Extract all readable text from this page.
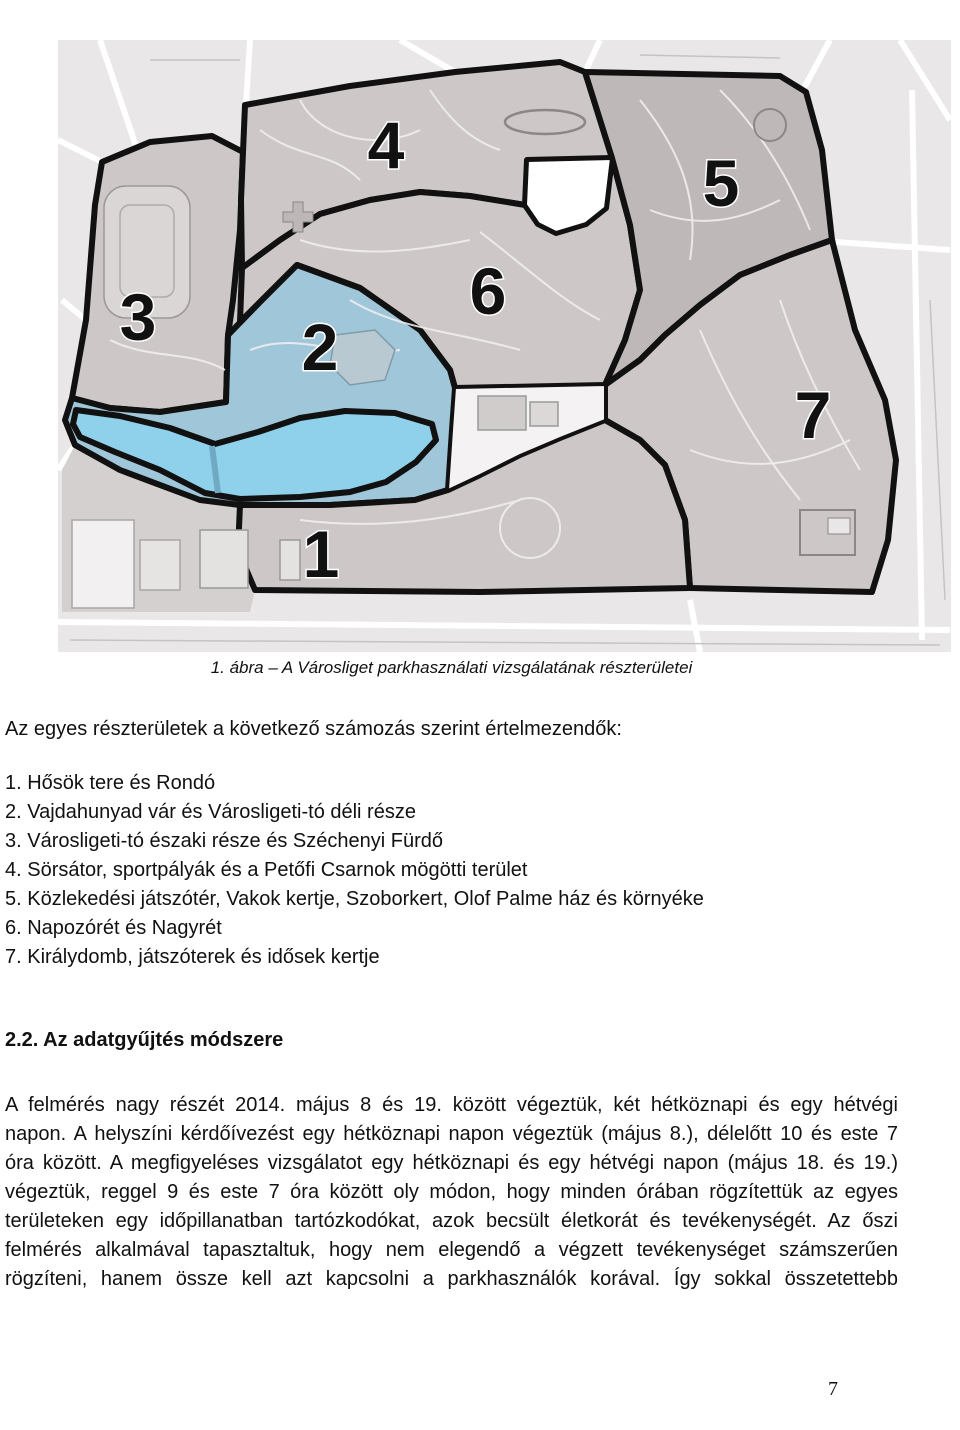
1
2
3
4
5
6
7
1. ábra – A Városliget parkhasználati vizsgálatának részterületei
Az egyes részterületek a következő számozás szerint értelmezendők:
1. Hősök tere és Rondó
2. Vajdahunyad vár és Városligeti-tó déli része
3. Városligeti-tó északi része és Széchenyi Fürdő
4. Sörsátor, sportpályák és a Petőfi Csarnok mögötti terület
5. Közlekedési játszótér, Vakok kertje, Szoborkert, Olof Palme ház és környéke
6. Napozórét és Nagyrét
7. Királydomb, játszóterek és idősek kertje
2.2. Az adatgyűjtés módszere
A felmérés nagy részét 2014. május 8 és 19. között végeztük, két hétköznapi és egy hétvégi
napon. A helyszíni kérdőívezést egy hétköznapi napon végeztük (május 8.), délelőtt 10 és este 7
óra között. A megfigyeléses vizsgálatot egy hétköznapi és egy hétvégi napon (május 18. és 19.)
végeztük, reggel 9 és este 7 óra között oly módon, hogy minden órában rögzítettük az egyes
területeken egy időpillanatban tartózkodókat, azok becsült életkorát és tevékenységét. Az őszi
felmérés alkalmával tapasztaltuk, hogy nem elegendő a végzett tevékenységet számszerűen
rögzíteni, hanem össze kell azt kapcsolni a parkhasználók korával. Így sokkal összetettebb
7
